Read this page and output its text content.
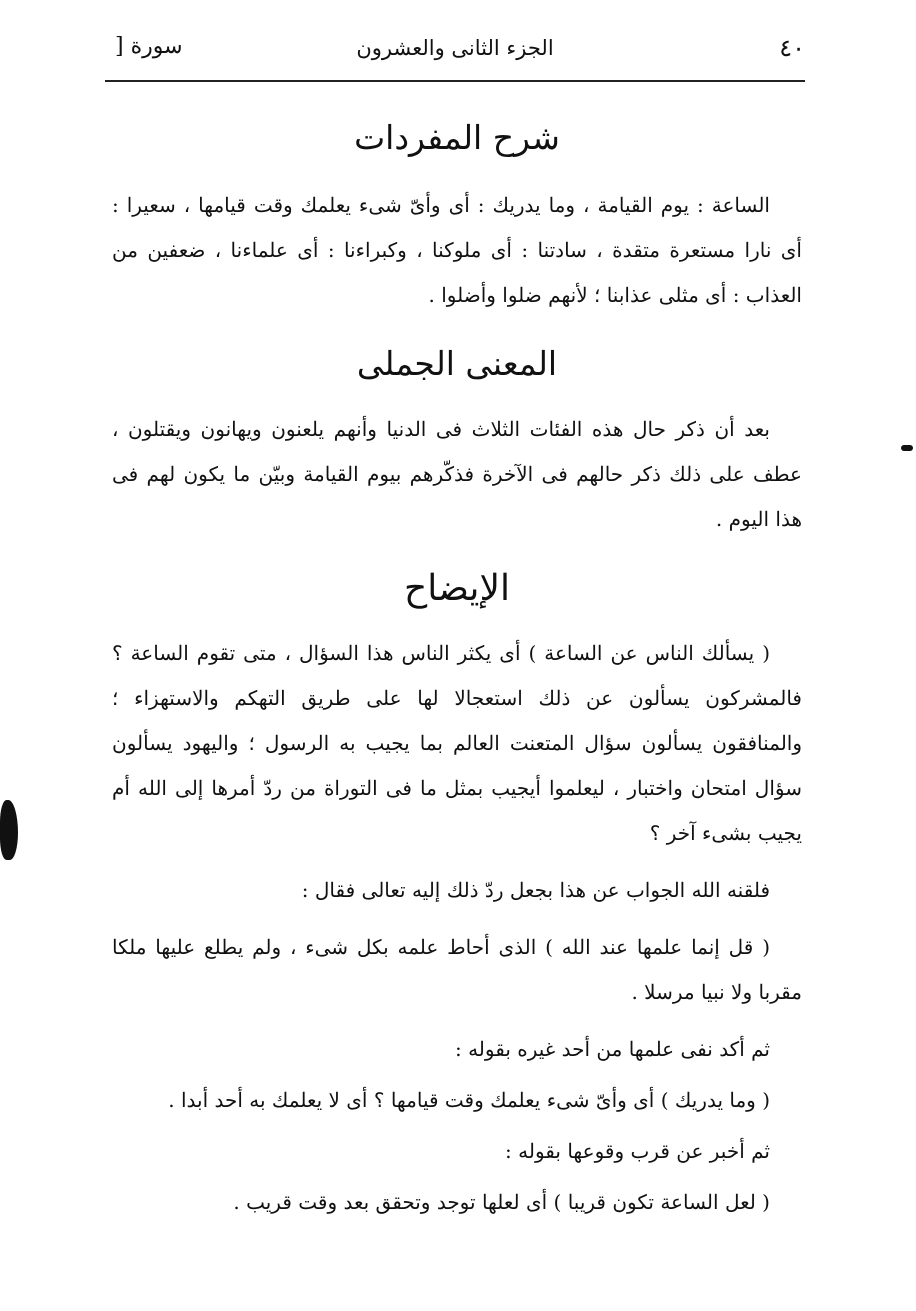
٤٠
الجزء الثانى والعشرون
سورة [
شرح المفردات

الساعة : يوم القيامة ، وما يدريك : أى وأىّ شىء يعلمك وقت قيامها ، سعيرا : أى نارا مستعرة متقدة ، سادتنا : أى ملوكنا ، وكبراءنا : أى علماءنا ، ضعفين من العذاب : أى مثلى عذابنا ؛ لأنهم ضلوا وأضلوا .

المعنى الجملى

بعد أن ذكر حال هذه الفئات الثلاث فى الدنيا وأنهم يلعنون ويهانون ويقتلون ، عطف على ذلك ذكر حالهم فى الآخرة فذكّرهم بيوم القيامة وبيّن ما يكون لهم فى هذا اليوم .

الإيضاح

( يسألك الناس عن الساعة ) أى يكثر الناس هذا السؤال ، متى تقوم الساعة ؟ فالمشركون يسألون عن ذلك استعجالا لها على طريق التهكم والاستهزاء ؛ والمنافقون يسألون سؤال المتعنت العالم بما يجيب به الرسول ؛ واليهود يسألون سؤال امتحان واختبار ، ليعلموا أيجيب بمثل ما فى التوراة من ردّ أمرها إلى الله أم يجيب بشىء آخر ؟

فلقنه الله الجواب عن هذا بجعل ردّ ذلك إليه تعالى فقال :

( قل إنما علمها عند الله ) الذى أحاط علمه بكل شىء ، ولم يطلع عليها ملكا مقربا ولا نبيا مرسلا .

ثم أكد نفى علمها من أحد غيره بقوله :

( وما يدريك ) أى وأىّ شىء يعلمك وقت قيامها ؟ أى لا يعلمك به أحد أبدا .

ثم أخبر عن قرب وقوعها بقوله :

( لعل الساعة تكون قريبا ) أى لعلها توجد وتحقق بعد وقت قريب .
